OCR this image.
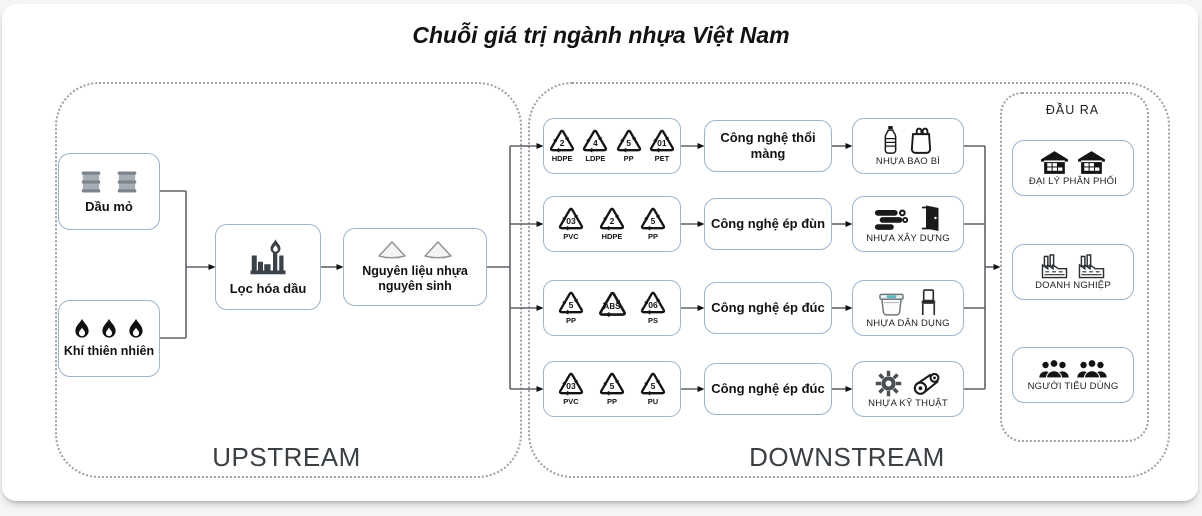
Chuỗi giá trị ngành nhựa Việt Nam
UPSTREAM	DOWNSTREAM
ĐẦU RA
Dầu mỏ
Khí thiên nhiên
Lọc hóa dầu
Nguyên liệu nhựa
nguyên sinh
2
HDPE
4
LDPE
5
PP
01
PET
Công nghệ thổi màng
NHỰA BAO BÌ
03
PVC
2
HDPE
5
PP
Công nghệ ép đùn
NHỰA XÂY DỰNG
5
PP
ABS	06
PS
Công nghệ ép đúc
NHỰA DÂN DỤNG
03
PVC
5
PP
5
PU
Công nghệ ép đúc
NHỰA KỸ THUẬT
ĐẠI LÝ PHÂN PHỐI
DOANH NGHIỆP
NGƯỜI TIÊU DÙNG
